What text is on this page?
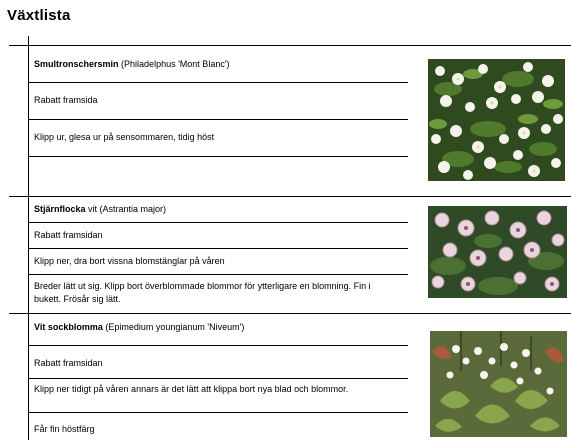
Växtlista
Smultronschersmin (Philadelphus 'Mont Blanc')
Rabatt framsida
Klipp ur, glesa ur på sensommaren, tidig höst
Stjärnflocka vit (Astrantia major)
Rabatt framsidan
Klipp ner, dra bort vissna blomstänglar på våren
Breder lätt ut sig. Klipp bort överblommade blommor för ytterligare en blomning. Fin i bukett. Frösår sig lätt.
Vit sockblomma (Epimedium youngianum 'Niveum')
Rabatt framsidan
Klipp ner tidigt på våren annars är det lätt att klippa bort nya blad och blommor.
Får fin höstfärg
